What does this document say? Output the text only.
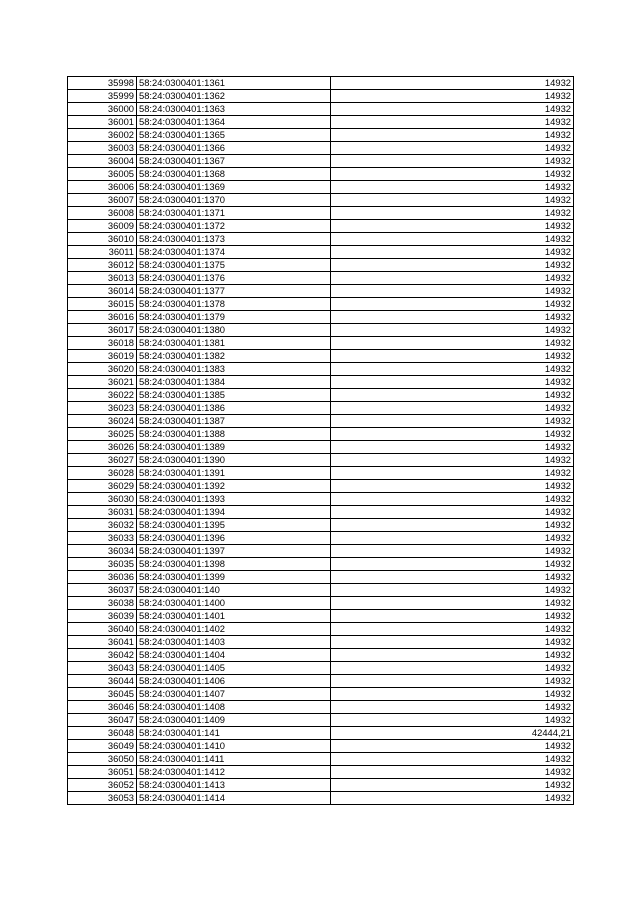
35998	58:24:0300401:1361	14932
35999	58:24:0300401:1362	14932
36000	58:24:0300401:1363	14932
36001	58:24:0300401:1364	14932
36002	58:24:0300401:1365	14932
36003	58:24:0300401:1366	14932
36004	58:24:0300401:1367	14932
36005	58:24:0300401:1368	14932
36006	58:24:0300401:1369	14932
36007	58:24:0300401:1370	14932
36008	58:24:0300401:1371	14932
36009	58:24:0300401:1372	14932
36010	58:24:0300401:1373	14932
36011	58:24:0300401:1374	14932
36012	58:24:0300401:1375	14932
36013	58:24:0300401:1376	14932
36014	58:24:0300401:1377	14932
36015	58:24:0300401:1378	14932
36016	58:24:0300401:1379	14932
36017	58:24:0300401:1380	14932
36018	58:24:0300401:1381	14932
36019	58:24:0300401:1382	14932
36020	58:24:0300401:1383	14932
36021	58:24:0300401:1384	14932
36022	58:24:0300401:1385	14932
36023	58:24:0300401:1386	14932
36024	58:24:0300401:1387	14932
36025	58:24:0300401:1388	14932
36026	58:24:0300401:1389	14932
36027	58:24:0300401:1390	14932
36028	58:24:0300401:1391	14932
36029	58:24:0300401:1392	14932
36030	58:24:0300401:1393	14932
36031	58:24:0300401:1394	14932
36032	58:24:0300401:1395	14932
36033	58:24:0300401:1396	14932
36034	58:24:0300401:1397	14932
36035	58:24:0300401:1398	14932
36036	58:24:0300401:1399	14932
36037	58:24:0300401:140	14932
36038	58:24:0300401:1400	14932
36039	58:24:0300401:1401	14932
36040	58:24:0300401:1402	14932
36041	58:24:0300401:1403	14932
36042	58:24:0300401:1404	14932
36043	58:24:0300401:1405	14932
36044	58:24:0300401:1406	14932
36045	58:24:0300401:1407	14932
36046	58:24:0300401:1408	14932
36047	58:24:0300401:1409	14932
36048	58:24:0300401:141	42444,21
36049	58:24:0300401:1410	14932
36050	58:24:0300401:1411	14932
36051	58:24:0300401:1412	14932
36052	58:24:0300401:1413	14932
36053	58:24:0300401:1414	14932
